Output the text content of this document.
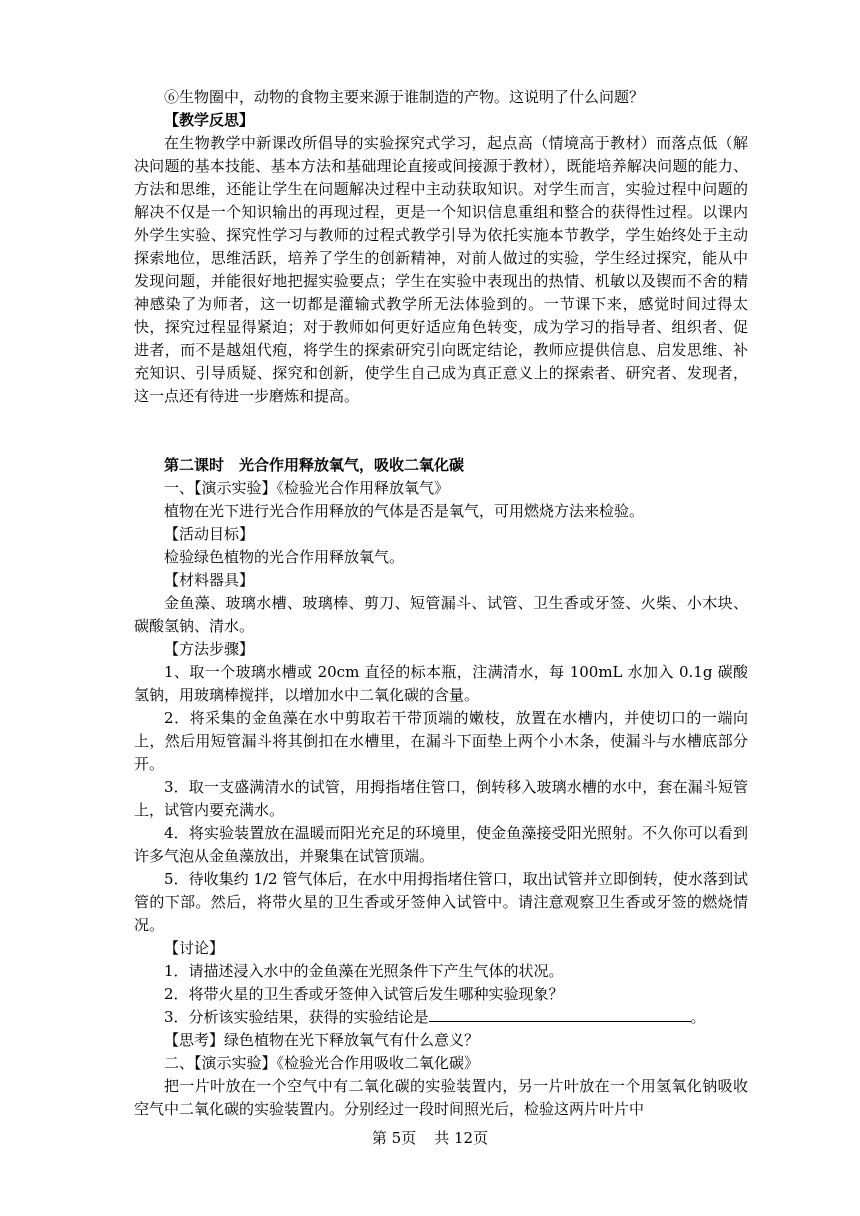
⑥生物圈中，动物的食物主要来源于谁制造的产物。这说明了什么问题？

【教学反思】

在生物教学中新课改所倡导的实验探究式学习，起点高（情境高于教材）而落点低（解决问题的基本技能、基本方法和基础理论直接或间接源于教材），既能培养解决问题的能力、方法和思维，还能让学生在问题解决过程中主动获取知识。对学生而言，实验过程中问题的解决不仅是一个知识输出的再现过程，更是一个知识信息重组和整合的获得性过程。以课内外学生实验、探究性学习与教师的过程式教学引导为依托实施本节教学，学生始终处于主动探索地位，思维活跃，培养了学生的创新精神，对前人做过的实验，学生经过探究，能从中发现问题，并能很好地把握实验要点；学生在实验中表现出的热情、机敏以及锲而不舍的精神感染了为师者，这一切都是灌输式教学所无法体验到的。一节课下来，感觉时间过得太快，探究过程显得紧迫；对于教师如何更好适应角色转变，成为学习的指导者、组织者、促进者，而不是越俎代疱，将学生的探索研究引向既定结论，教师应提供信息、启发思维、补充知识、引导质疑、探究和创新，使学生自己成为真正意义上的探索者、研究者、发现者，这一点还有待进一步磨炼和提高。

第二课时　光合作用释放氧气，吸收二氧化碳

一、【演示实验】《检验光合作用释放氧气》

植物在光下进行光合作用释放的气体是否是氧气，可用燃烧方法来检验。

【活动目标】

检验绿色植物的光合作用释放氧气。

【材料器具】

金鱼藻、玻璃水槽、玻璃棒、剪刀、短管漏斗、试管、卫生香或牙签、火柴、小木块、碳酸氢钠、清水。

【方法步骤】

1、取一个玻璃水槽或 20cm 直径的标本瓶，注满清水，每 100mL 水加入 0.1g 碳酸氢钠，用玻璃棒搅拌，以增加水中二氧化碳的含量。

2．将采集的金鱼藻在水中剪取若干带顶端的嫩枝，放置在水槽内，并使切口的一端向上，然后用短管漏斗将其倒扣在水槽里，在漏斗下面垫上两个小木条，使漏斗与水槽底部分开。

3．取一支盛满清水的试管，用拇指堵住管口，倒转移入玻璃水槽的水中，套在漏斗短管上，试管内要充满水。

4．将实验装置放在温暖而阳光充足的环境里，使金鱼藻接受阳光照射。不久你可以看到许多气泡从金鱼藻放出，并聚集在试管顶端。

5．待收集约 1/2 管气体后，在水中用拇指堵住管口，取出试管并立即倒转，使水落到试管的下部。然后，将带火星的卫生香或牙签伸入试管中。请注意观察卫生香或牙签的燃烧情况。

【讨论】

1．请描述浸入水中的金鱼藻在光照条件下产生气体的状况。

2．将带火星的卫生香或牙签伸入试管后发生哪种实验现象？

3．分析该实验结果，获得的实验结论是	。

【思考】绿色植物在光下释放氧气有什么意义？

二、【演示实验】《检验光合作用吸收二氧化碳》

把一片叶放在一个空气中有二氧化碳的实验装置内，另一片叶放在一个用氢氧化钠吸收空气中二氧化碳的实验装置内。分别经过一段时间照光后，检验这两片叶片中

第 5页 共 12页
